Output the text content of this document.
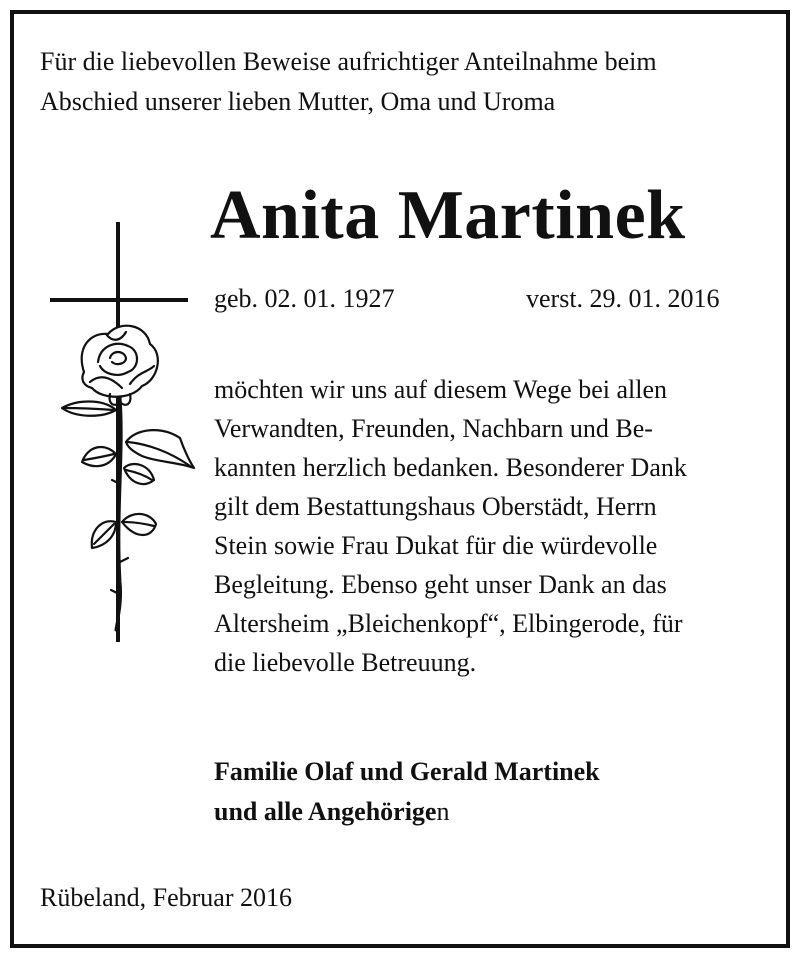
Für die liebevollen Beweise aufrichtiger Anteilnahme beim
Abschied unserer lieben Mutter, Oma und Uroma
Anita Martinek
geb. 02. 01. 1927	verst. 29. 01. 2016
möchten wir uns auf diesem Wege bei allen
Verwandten, Freunden, Nachbarn und Be-
kannten herzlich bedanken. Besonderer Dank
gilt dem Bestattungshaus Oberstädt, Herrn
Stein sowie Frau Dukat für die würdevolle
Begleitung. Ebenso geht unser Dank an das
Altersheim „Bleichenkopf“, Elbingerode, für
die liebevolle Betreuung.
Familie Olaf und Gerald Martinek
und alle Angehörigen
Rübeland, Februar 2016
